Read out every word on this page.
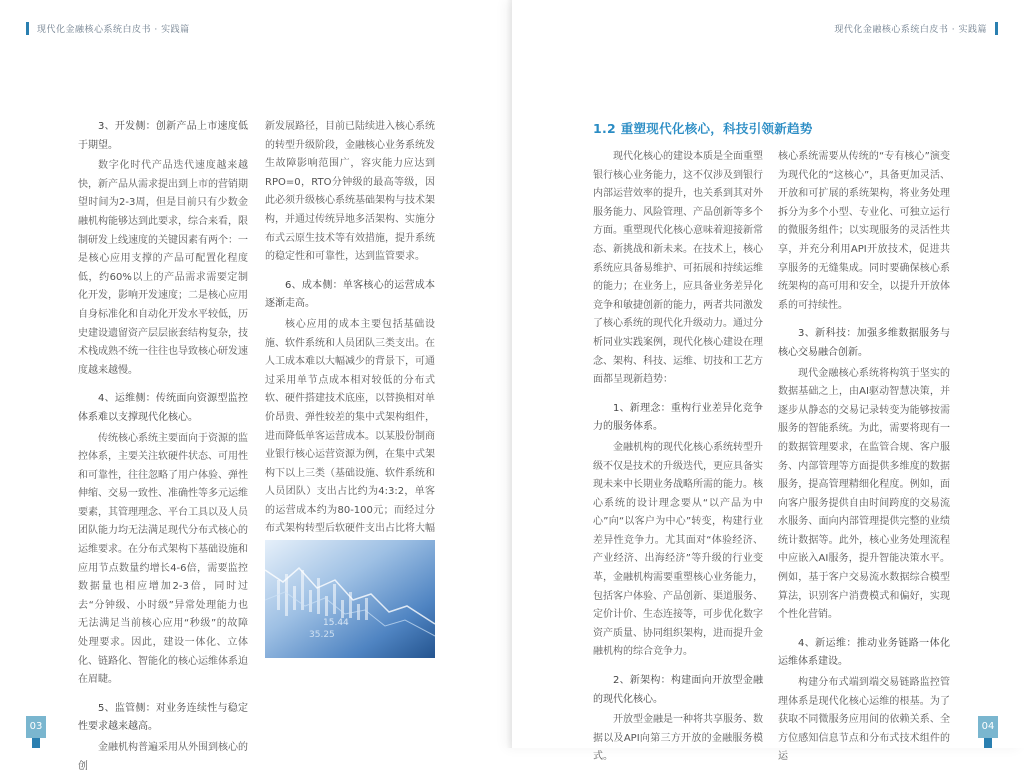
现代化金融核心系统白皮书 · 实践篇

3、开发侧：创新产品上市速度低于期望。

数字化时代产品迭代速度越来越快，新产品从需求提出到上市的营销期望时间为2-3周，但是目前只有少数金融机构能够达到此要求，综合来看，限制研发上线速度的关键因素有两个：一是核心应用支撑的产品可配置化程度低，约60%以上的产品需求需要定制化开发，影响开发速度；二是核心应用自身标准化和自动化开发水平较低，历史建设遗留资产层层嵌套结构复杂，技术栈成熟不统一往往也导致核心研发速度越来越慢。

4、运维侧：传统面向资源型监控体系难以支撑现代化核心。

传统核心系统主要面向于资源的监控体系，主要关注软硬件状态、可用性和可靠性，往往忽略了用户体验、弹性伸缩、交易一致性、准确性等多元运维要素，其管理理念、平台工具以及人员团队能力均无法满足现代分布式核心的运维要求。在分布式架构下基础设施和应用节点数量约增长4-6倍，需要监控数据量也相应增加2-3倍，同时过去“分钟级、小时级”异常处理能力也无法满足当前核心应用“秒级”的故障处理要求。因此，建设一体化、立体化、链路化、智能化的核心运维体系迫在眉睫。

5、监管侧：对业务连续性与稳定性要求越来越高。

金融机构普遍采用从外围到核心的创

新发展路径，目前已陆续进入核心系统的转型升级阶段，金融核心业务系统发生故障影响范围广，容灾能力应达到RPO=0，RTO分钟级的最高等级，因此必须升级核心系统基础架构与技术架构，并通过传统异地多活架构、实施分布式云原生技术等有效措施，提升系统的稳定性和可靠性，达到监管要求。

6、成本侧：单客核心的运营成本逐渐走高。

核心应用的成本主要包括基础设施、软件系统和人员团队三类支出。在人工成本难以大幅减少的背景下，可通过采用单节点成本相对较低的分布式软、硬件搭建技术底座，以替换相对单价昂贵、弹性较差的集中式架构组件，进而降低单客运营成本。以某股份制商业银行核心运营资源为例，在集中式架构下以上三类（基础设施、软件系统和人员团队）支出占比约为4:3:2，单客的运营成本约为80-100元；而经过分布式架构转型后软硬件支出占比将大幅

15.44
35.25
03
现代化金融核心系统白皮书 · 实践篇
04
1.2 重塑现代化核心，科技引领新趋势

现代化核心的建设本质是全面重塑银行核心业务能力，这不仅涉及到银行内部运营效率的提升，也关系到其对外服务能力、风险管理、产品创新等多个方面。重塑现代化核心意味着迎接新常态、新挑战和新未来。在技术上，核心系统应具备易维护、可拓展和持续运维的能力；在业务上，应具备业务差异化竞争和敏捷创新的能力，两者共同激发了核心系统的现代化升级动力。通过分析同业实践案例，现代化核心建设在理念、架构、科技、运维、切技和工艺方面都呈现新趋势：

1、新理念：重构行业差异化竞争力的服务体系。

金融机构的现代化核心系统转型升级不仅是技术的升级迭代，更应具备实现未来中长期业务战略所需的能力。核心系统的设计理念要从“以产品为中心”向“以客户为中心”转变，构建行业差异性竞争力。尤其面对“体验经济、产业经济、出海经济”等升级的行业变革，金融机构需要重塑核心业务能力，包括客户体验、产品创新、渠道服务、定价计价、生态连接等，可步优化数字资产质量、协同组织架构，进而提升金融机构的综合竞争力。

2、新架构：构建面向开放型金融的现代化核心。

开放型金融是一种将共享服务、数据以及API向第三方开放的金融服务模式。

核心系统需要从传统的“专有核心”演变为现代化的“这核心”，具备更加灵活、开放和可扩展的系统架构，将业务处理拆分为多个小型、专业化、可独立运行的微服务组件；以实现服务的灵活性共享，并充分利用API开放技术，促进共享服务的无缝集成。同时要确保核心系统架构的高可用和安全，以提升开放体系的可持续性。

3、新科技：加强多维数据服务与核心交易融合创新。

现代金融核心系统将构筑于坚实的数据基础之上，由AI驱动智慧决策，并逐步从静态的交易记录转变为能够按需服务的智能系统。为此，需要将现有一的数据管理要求，在监管合规、客户服务、内部管理等方面提供多维度的数据服务，提高管理精细化程度。例如，面向客户服务提供自由时间跨度的交易流水服务、面向内部管理提供完整的业绩统计数据等。此外，核心业务处理流程中应嵌入AI服务，提升智能决策水平。例如，基于客户交易流水数据综合模型算法，识别客户消费模式和偏好，实现个性化营销。

4、新运维：推动业务链路一体化运维体系建设。

构建分布式端到端交易链路监控管理体系是现代化核心运维的根基。为了获取不同微服务应用间的依赖关系、全方位感知信息节点和分布式技术组件的运
